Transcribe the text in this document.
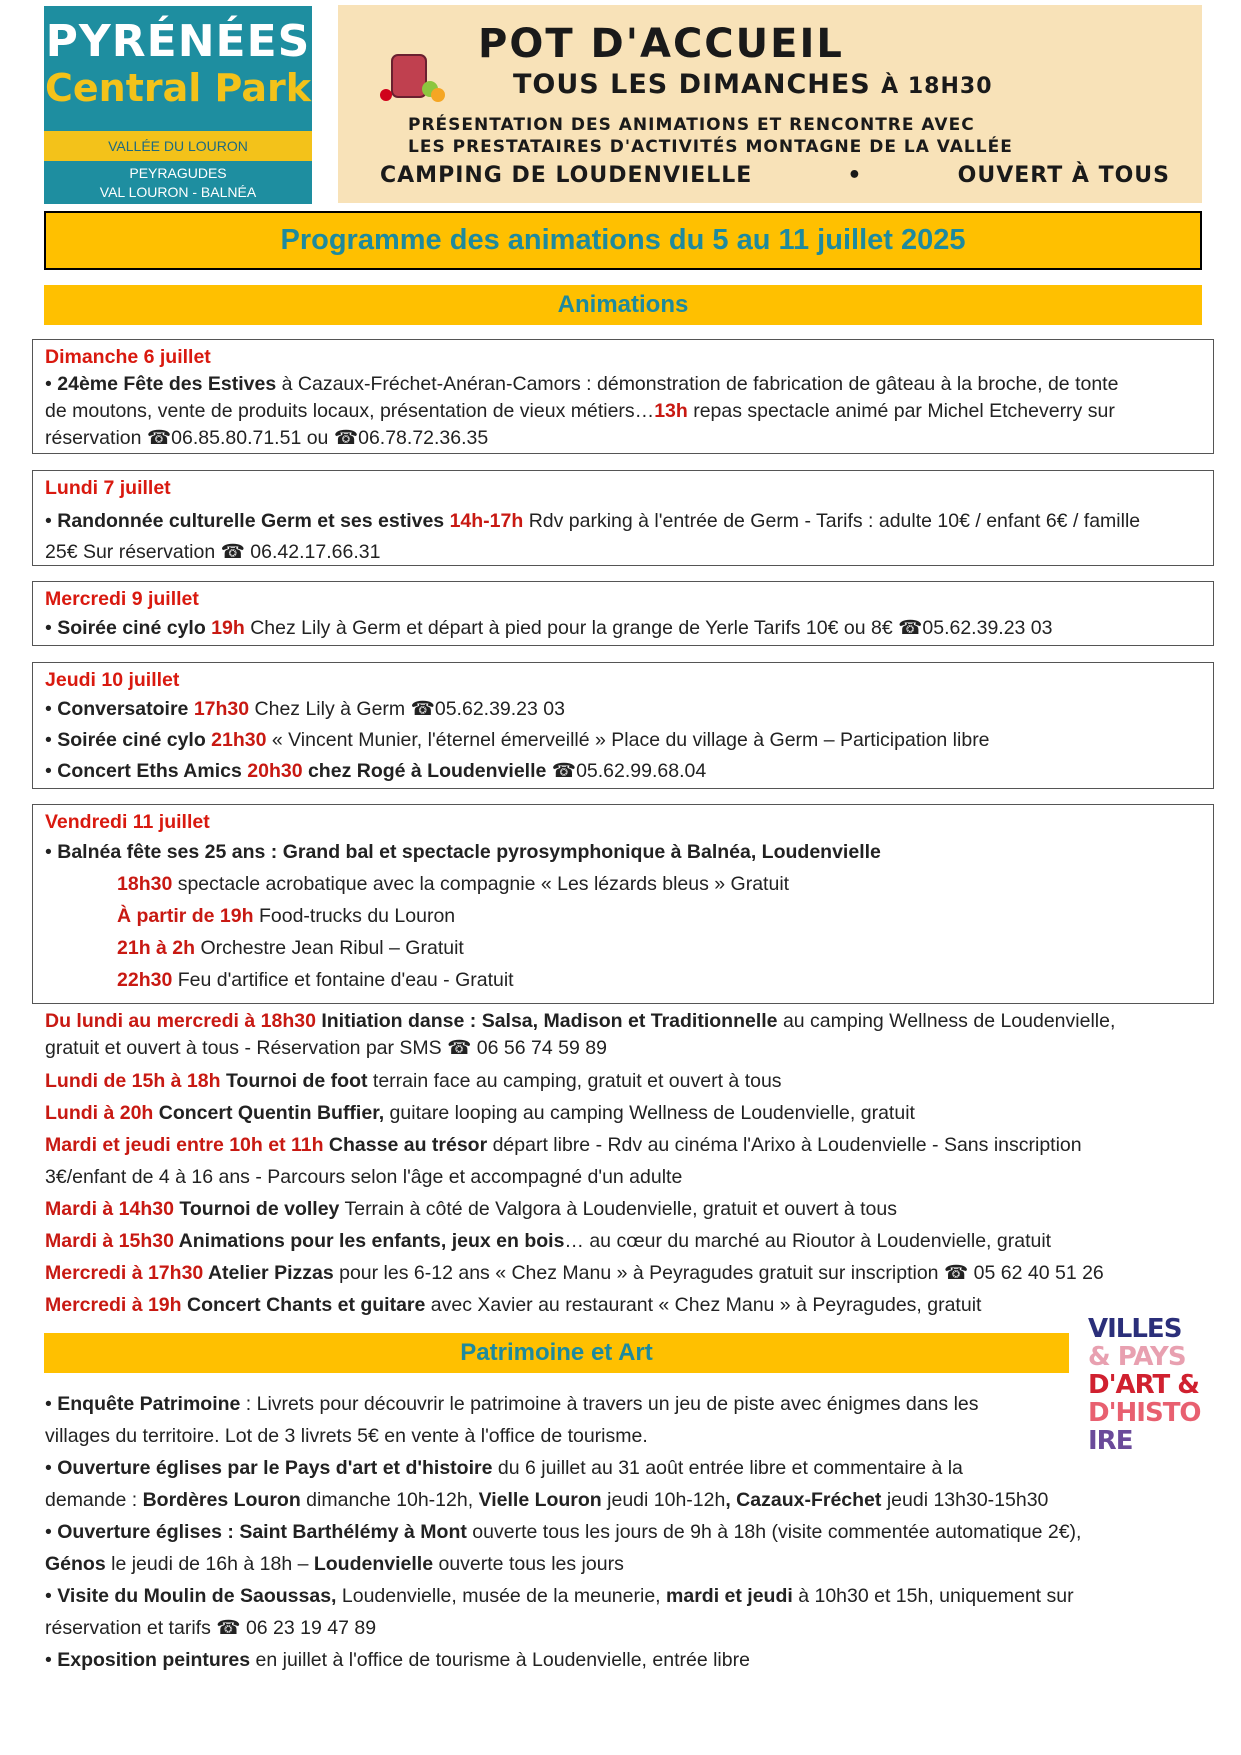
PYRÉNÉES
Central Park
VALLÉE DU LOURON
PEYRAGUDES
VAL LOURON - BALNÉA
POT D'ACCUEIL
TOUS LES DIMANCHES À 18H30
PRÉSENTATION DES ANIMATIONS ET RENCONTRE AVEC
LES PRESTATAIRES D'ACTIVITÉS MONTAGNE DE LA VALLÉE
CAMPING DE LOUDENVIELLE	•	OUVERT À TOUS
Programme des animations du 5 au 11 juillet 2025
Animations
Dimanche 6 juillet
• 24ème Fête des Estives à Cazaux-Fréchet-Anéran-Camors : démonstration de fabrication de gâteau à la broche, de tonte
de moutons, vente de produits locaux, présentation de vieux métiers…13h repas spectacle animé par Michel Etcheverry sur
réservation ☎06.85.80.71.51 ou ☎06.78.72.36.35
Lundi 7 juillet
• Randonnée culturelle Germ et ses estives 14h-17h Rdv parking à l'entrée de Germ - Tarifs : adulte 10€ / enfant 6€ / famille
25€ Sur réservation ☎ 06.42.17.66.31
Mercredi 9 juillet
• Soirée ciné cylo 19h Chez Lily à Germ et départ à pied pour la grange de Yerle Tarifs 10€ ou 8€ ☎05.62.39.23 03
Jeudi 10 juillet
• Conversatoire 17h30 Chez Lily à Germ ☎05.62.39.23 03
• Soirée ciné cylo 21h30 « Vincent Munier, l'éternel émerveillé » Place du village à Germ – Participation libre
• Concert Eths Amics 20h30 chez Rogé à Loudenvielle ☎05.62.99.68.04
Vendredi 11 juillet
• Balnéa fête ses 25 ans : Grand bal et spectacle pyrosymphonique à Balnéa, Loudenvielle
18h30 spectacle acrobatique avec la compagnie « Les lézards bleus » Gratuit
À partir de 19h Food-trucks du Louron
21h à 2h Orchestre Jean Ribul – Gratuit
22h30 Feu d'artifice et fontaine d'eau - Gratuit
Du lundi au mercredi à 18h30 Initiation danse : Salsa, Madison et Traditionnelle au camping Wellness de Loudenvielle,
gratuit et ouvert à tous - Réservation par SMS ☎ 06 56 74 59 89
Lundi de 15h à 18h Tournoi de foot terrain face au camping, gratuit et ouvert à tous
Lundi à 20h Concert Quentin Buffier, guitare looping au camping Wellness de Loudenvielle, gratuit
Mardi et jeudi entre 10h et 11h Chasse au trésor départ libre - Rdv au cinéma l'Arixo à Loudenvielle - Sans inscription
3€/enfant de 4 à 16 ans - Parcours selon l'âge et accompagné d'un adulte
Mardi à 14h30 Tournoi de volley Terrain à côté de Valgora à Loudenvielle, gratuit et ouvert à tous
Mardi à 15h30 Animations pour les enfants, jeux en bois… au cœur du marché au Rioutor à Loudenvielle, gratuit
Mercredi à 17h30 Atelier Pizzas pour les 6-12 ans « Chez Manu » à Peyragudes gratuit sur inscription ☎ 05 62 40 51 26
Mercredi à 19h Concert Chants et guitare avec Xavier au restaurant « Chez Manu » à Peyragudes, gratuit
Patrimoine et Art
VILLES
& PAYS
D'ART &
D'HISTO
IRE
• Enquête Patrimoine : Livrets pour découvrir le patrimoine à travers un jeu de piste avec énigmes dans les
villages du territoire. Lot de 3 livrets 5€ en vente à l'office de tourisme.
• Ouverture églises par le Pays d'art et d'histoire du 6 juillet au 31 août entrée libre et commentaire à la
demande : Bordères Louron dimanche 10h-12h, Vielle Louron jeudi 10h-12h, Cazaux-Fréchet jeudi 13h30-15h30
• Ouverture églises : Saint Barthélémy à Mont ouverte tous les jours de 9h à 18h (visite commentée automatique 2€),
Génos le jeudi de 16h à 18h – Loudenvielle ouverte tous les jours
• Visite du Moulin de Saoussas, Loudenvielle, musée de la meunerie, mardi et jeudi à 10h30 et 15h, uniquement sur
réservation et tarifs ☎ 06 23 19 47 89
• Exposition peintures en juillet à l'office de tourisme à Loudenvielle, entrée libre
